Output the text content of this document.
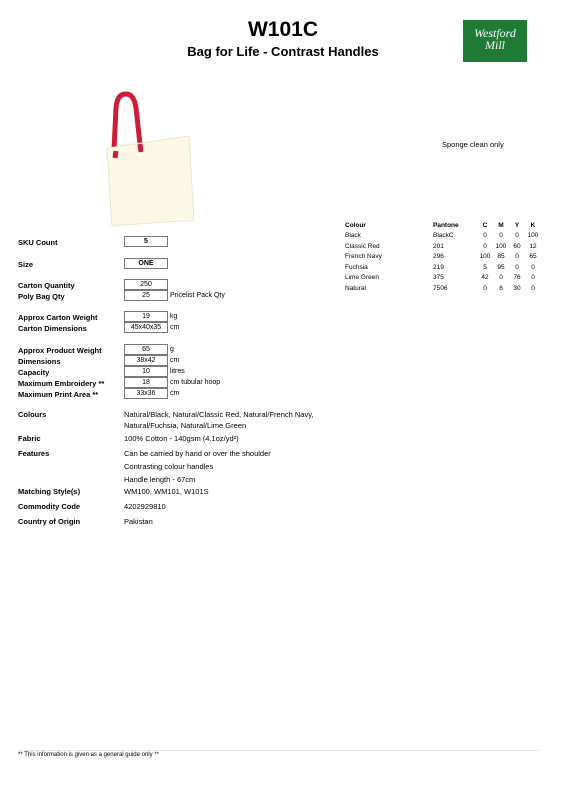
W101C
Bag for Life - Contrast Handles
Westford
Mill
Sponge clean only
Colour	Pantone	C	M	Y	K
Black	BlackC	0	0	0	100
Classic Red	201	0	100	60	12
French Navy	296	100	85	0	65
Fuchsia	219	5	95	0	0
Lime Green	375	42	0	76	0
Natural	7506	0	6	30	0
SKU Count	5
Size	ONE
Carton Quantity	250
Poly Bag Qty	25	Pricelist Pack Qty
Approx Carton Weight	19	kg
Carton Dimensions	45x40x35	cm
Approx Product Weight	65	g
Dimensions	38x42	cm
Capacity	10	litres
Maximum Embroidery **	18	cm tubular hoop
Maximum Print Area **	33x36	cm
Colours	Natural/Black, Natural/Classic Red, Natural/French Navy, Natural/Fuchsia, Natural/Lime Green
Fabric	100% Cotton - 140gsm (4.1oz/yd²)
Features	Can be carried by hand or over the shoulder
Contrasting colour handles
Handle length - 67cm
Matching Style(s)	WM100, WM101, W101S
Commodity Code	4202929810
Country of Origin	Pakistan
** This information is given as a general guide only **
